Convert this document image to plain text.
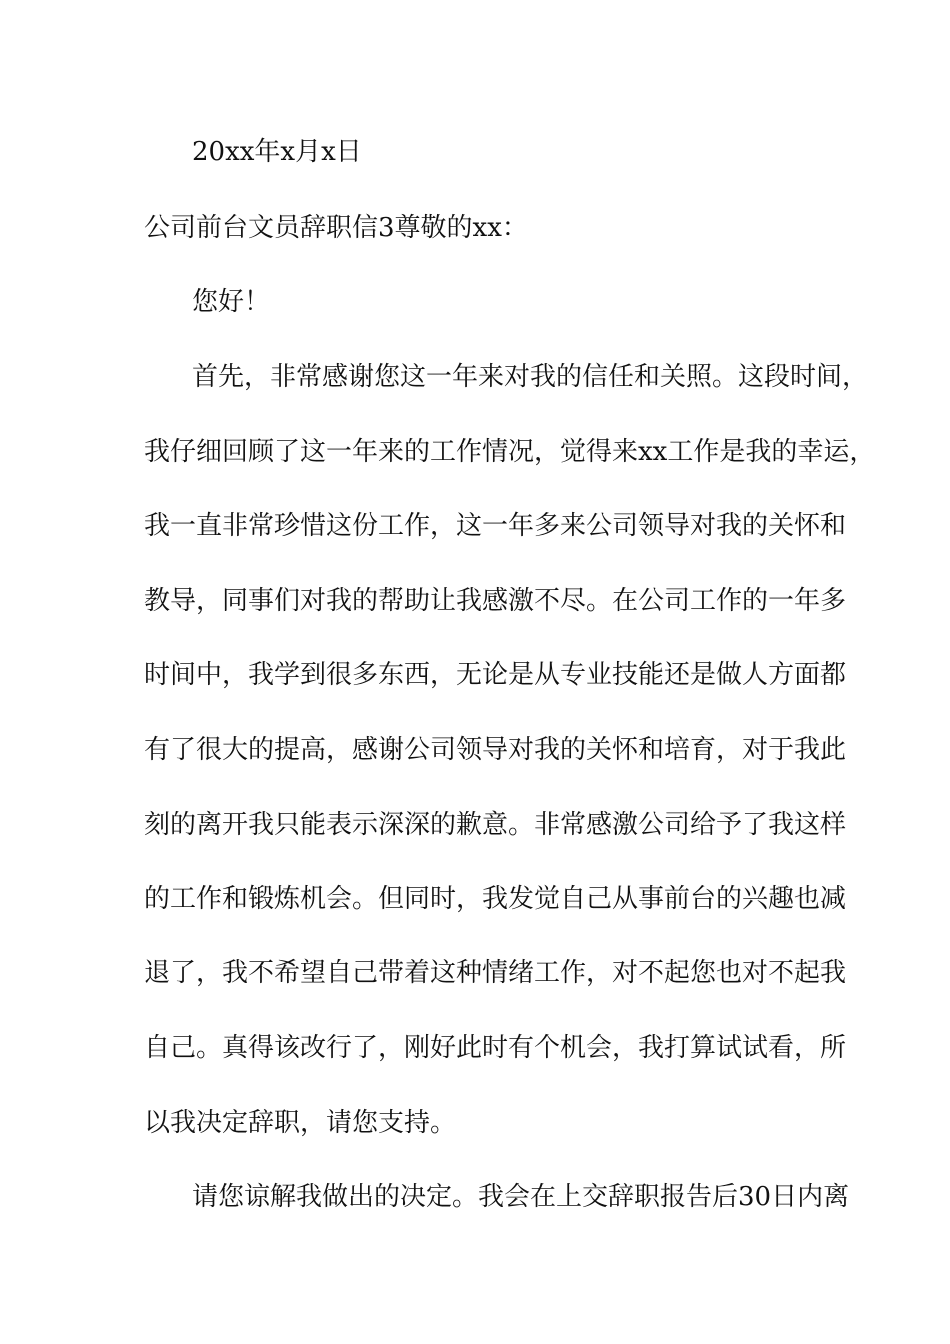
20xx年x月x日
公司前台文员辞职信3尊敬的xx：
您好！
首先，非常感谢您这一年来对我的信任和关照。这段时间，
我仔细回顾了这一年来的工作情况，觉得来xx工作是我的幸运，
我一直非常珍惜这份工作，这一年多来公司领导对我的关怀和
教导，同事们对我的帮助让我感激不尽。在公司工作的一年多
时间中，我学到很多东西，无论是从专业技能还是做人方面都
有了很大的提高，感谢公司领导对我的关怀和培育，对于我此
刻的离开我只能表示深深的歉意。非常感激公司给予了我这样
的工作和锻炼机会。但同时，我发觉自己从事前台的兴趣也减
退了，我不希望自己带着这种情绪工作，对不起您也对不起我
自己。真得该改行了，刚好此时有个机会，我打算试试看，所
以我决定辞职，请您支持。
请您谅解我做出的决定。我会在上交辞职报告后30日内离
